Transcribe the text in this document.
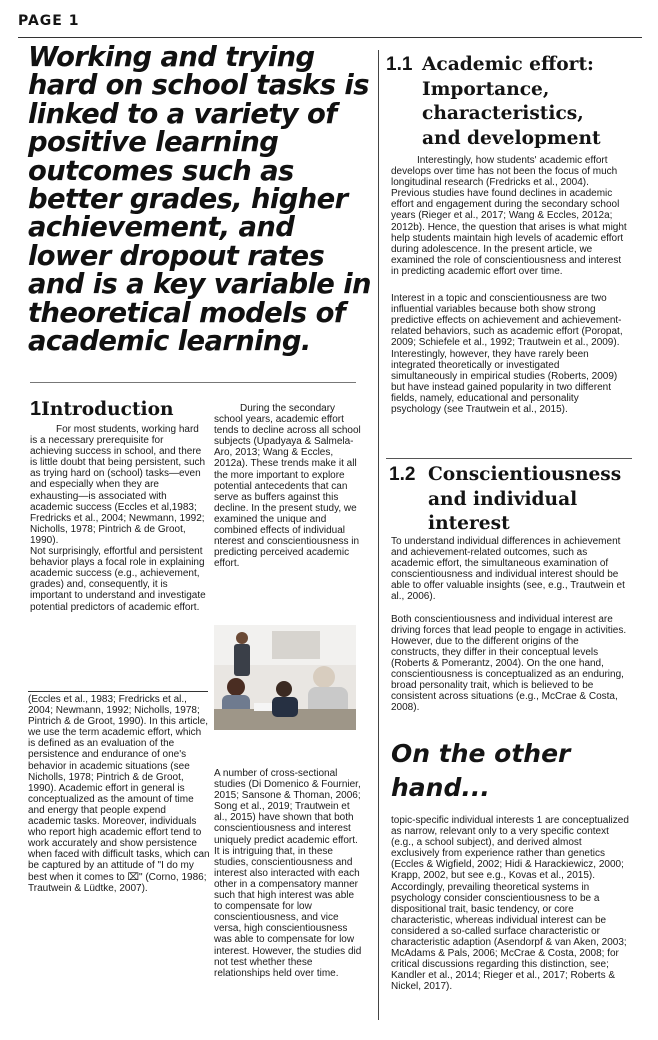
PAGE 1
Working and trying hard on school tasks is linked to a variety of positive learning outcomes such as better grades, higher achievement, and lower dropout rates and is a key variable in theoretical models of academic learning.
1Introduction

For most students, working hard is a necessary prerequisite for achieving success in school, and there is little doubt that being persistent, such as trying hard on (school) tasks—even and especially when they are exhausting—is associated with academic success (Eccles et al,1983; Fredricks et al., 2004; Newmann, 1992; Nicholls, 1978; Pintrich & de Groot, 1990).

Not surprisingly, effortful and persistent behavior plays a focal role in explaining academic success (e.g., achievement, grades) and, consequently, it is important to understand and investigate potential predictors of academic effort.

During the secondary school years, academic effort tends to decline across all school subjects (Upadyaya & Salmela-Aro, 2013; Wang & Eccles, 2012a). These trends make it all the more important to explore potential antecedents that can serve as buffers against this decline. In the present study, we examined the unique and combined effects of individual nterest and conscientiousness in predicting perceived academic effort.

(Eccles et al., 1983; Fredricks et al., 2004; Newmann, 1992; Nicholls, 1978; Pintrich & de Groot, 1990). In this article, we use the term academic effort, which is defined as an evaluation of the persistence and endurance of one's behavior in academic situations (see Nicholls, 1978; Pintrich & de Groot, 1990). Academic effort in general is conceptualized as the amount of time and energy that people expend academic tasks. Moreover, individuals who report high academic effort tend to work accurately and show persistence when faced with difficult tasks, which can be captured by an attitude of "I do my best when it comes to ⌧" (Corno, 1986; Trautwein & Lüdtke, 2007).

A number of cross-sectional studies (Di Domenico & Fournier, 2015; Sansone & Thoman, 2006; Song et al., 2019; Trautwein et al., 2015) have shown that both conscientiousness and interest uniquely predict academic effort. It is intriguing that, in these studies, conscientiousness and interest also interacted with each other in a compensatory manner such that high interest was able to compensate for low conscientiousness, and vice versa, high conscientiousness was able to compensate for low interest. However, the studies did not test whether these relationships held over time.

1.1 Academic effort: Importance, characteristics, and development

Interestingly, how students' academic effort develops over time has not been the focus of much longitudinal research (Fredricks et al., 2004). Previous studies have found declines in academic effort and engagement during the secondary school years (Rieger et al., 2017; Wang & Eccles, 2012a; 2012b). Hence, the question that arises is what might help students maintain high levels of academic effort during adolescence. In the present article, we examined the role of conscientiousness and interest in predicting academic effort over time.

Interest in a topic and conscientiousness are two influential variables because both show strong predictive effects on achievement and achievement-related behaviors, such as academic effort (Poropat, 2009; Schiefele et al., 1992; Trautwein et al., 2009). Interestingly, however, they have rarely been integrated theoretically or investigated simultaneously in empirical studies (Roberts, 2009) but have instead gained popularity in two different fields, namely, educational and personality psychology (see Trautwein et al., 2015).

1.2 Conscientiousness and individual interest

To understand individual differences in achievement and achievement-related outcomes, such as academic effort, the simultaneous examination of conscientiousness and individual interest should be able to offer valuable insights (see, e.g., Trautwein et al., 2006).

Both conscientiousness and individual interest are driving forces that lead people to engage in activities. However, due to the different origins of the constructs, they differ in their conceptual levels (Roberts & Pomerantz, 2004). On the one hand, conscientiousness is conceptualized as an enduring, broad personality trait, which is believed to be consistent across situations (e.g., McCrae & Costa, 2008).

On the other hand...

topic-specific individual interests 1 are conceptualized as narrow, relevant only to a very specific context (e.g., a school subject), and derived almost exclusively from experience rather than genetics (Eccles & Wigfield, 2002; Hidi & Harackiewicz, 2000; Krapp, 2002, but see e.g., Kovas et al., 2015). Accordingly, prevailing theoretical systems in psychology consider conscientiousness to be a dispositional trait, basic tendency, or core characteristic, whereas individual interest can be considered a so-called surface characteristic or characteristic adaption (Asendorpf & van Aken, 2003; McAdams & Pals, 2006; McCrae & Costa, 2008; for critical discussions regarding this distinction, see; Kandler et al., 2014; Rieger et al., 2017; Roberts & Nickel, 2017).
